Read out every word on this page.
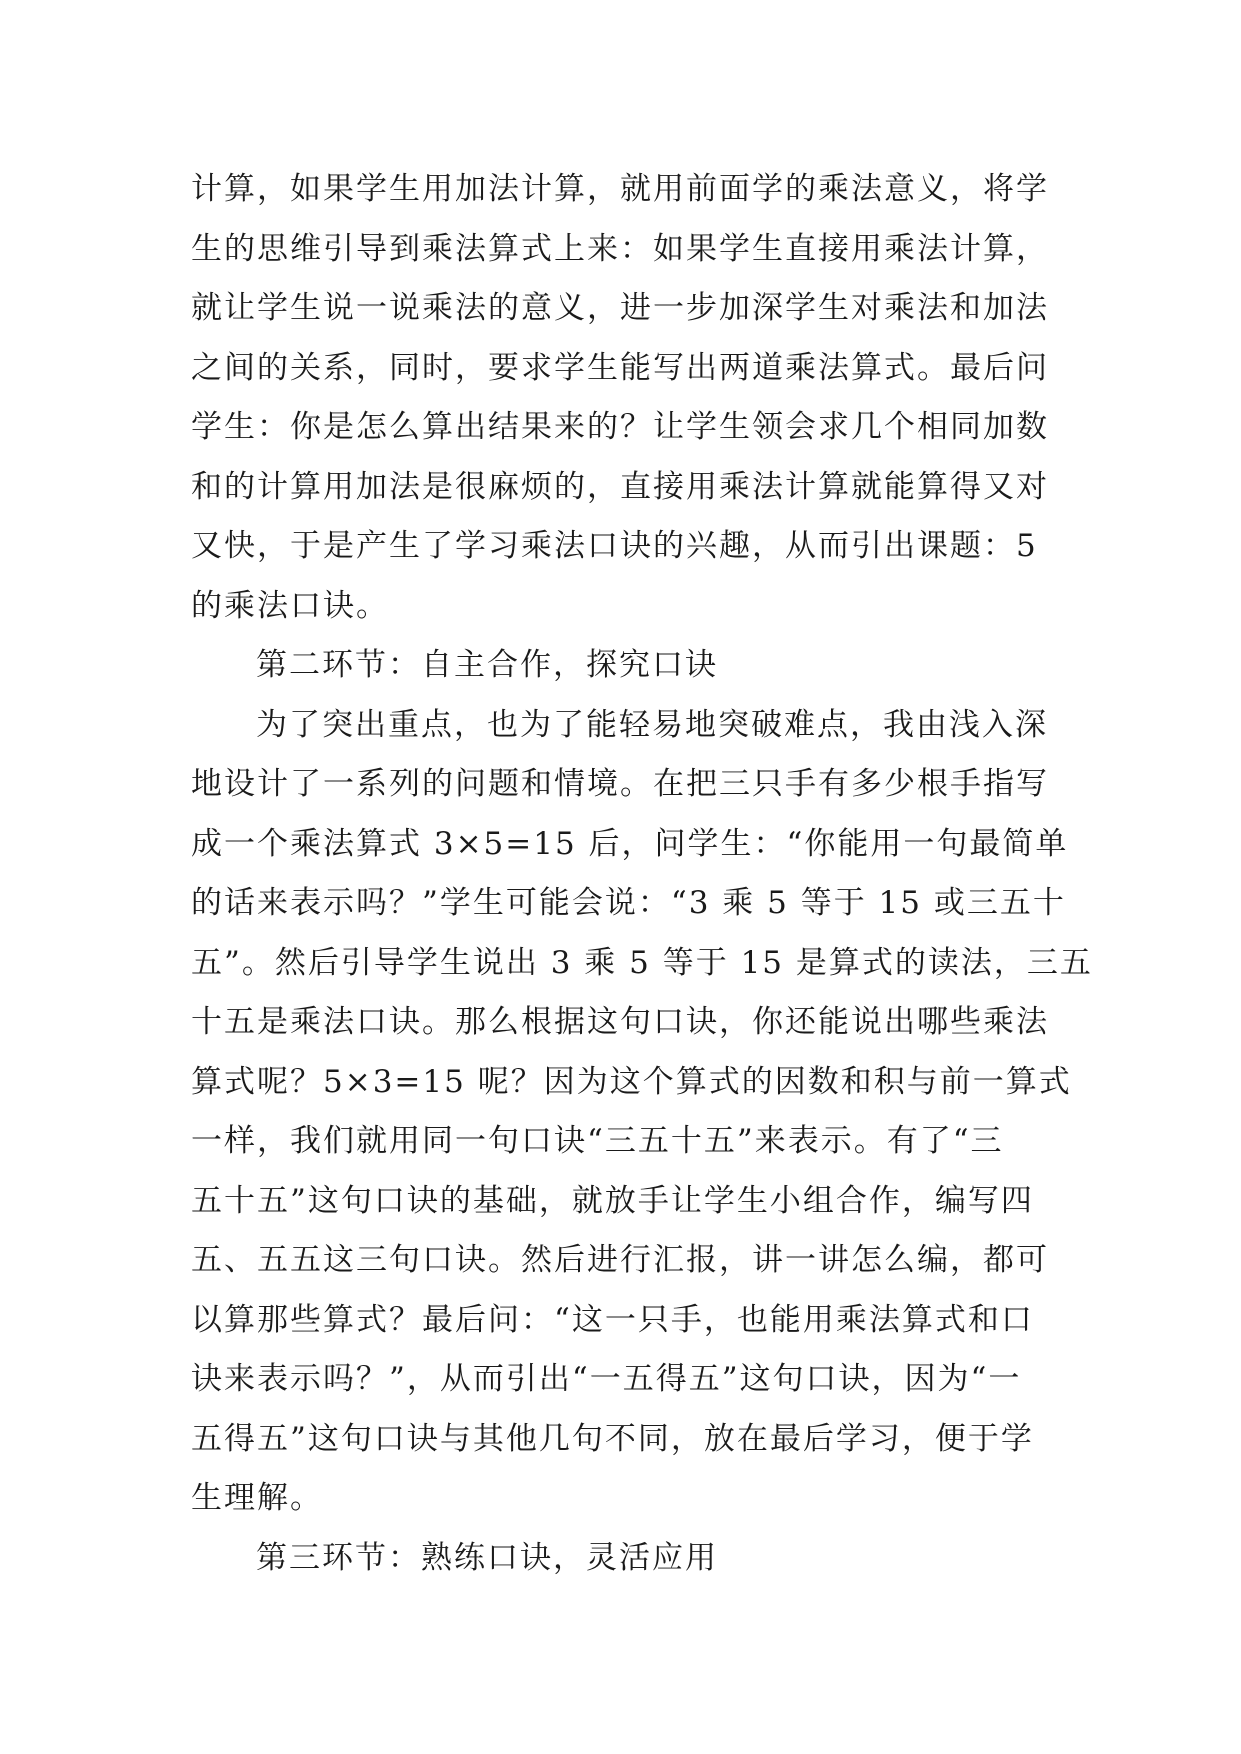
计算，如果学生用加法计算，就用前面学的乘法意义，将学
生的思维引导到乘法算式上来：如果学生直接用乘法计算，
就让学生说一说乘法的意义，进一步加深学生对乘法和加法
之间的关系，同时，要求学生能写出两道乘法算式。最后问
学生：你是怎么算出结果来的？让学生领会求几个相同加数
和的计算用加法是很麻烦的，直接用乘法计算就能算得又对
又快，于是产生了学习乘法口诀的兴趣，从而引出课题：5
的乘法口诀。
第二环节：自主合作，探究口诀
为了突出重点，也为了能轻易地突破难点，我由浅入深
地设计了一系列的问题和情境。在把三只手有多少根手指写
成一个乘法算式 3×5=15 后，问学生：“你能用一句最简单
的话来表示吗？”学生可能会说：“3 乘 5 等于 15 或三五十
五”。然后引导学生说出 3 乘 5 等于 15 是算式的读法，三五
十五是乘法口诀。那么根据这句口诀，你还能说出哪些乘法
算式呢？5×3=15 呢？因为这个算式的因数和积与前一算式
一样，我们就用同一句口诀“三五十五”来表示。有了“三
五十五”这句口诀的基础，就放手让学生小组合作，编写四
五、五五这三句口诀。然后进行汇报，讲一讲怎么编，都可
以算那些算式？最后问：“这一只手，也能用乘法算式和口
诀来表示吗？”，从而引出“一五得五”这句口诀，因为“一
五得五”这句口诀与其他几句不同，放在最后学习，便于学
生理解。
第三环节：熟练口诀，灵活应用
